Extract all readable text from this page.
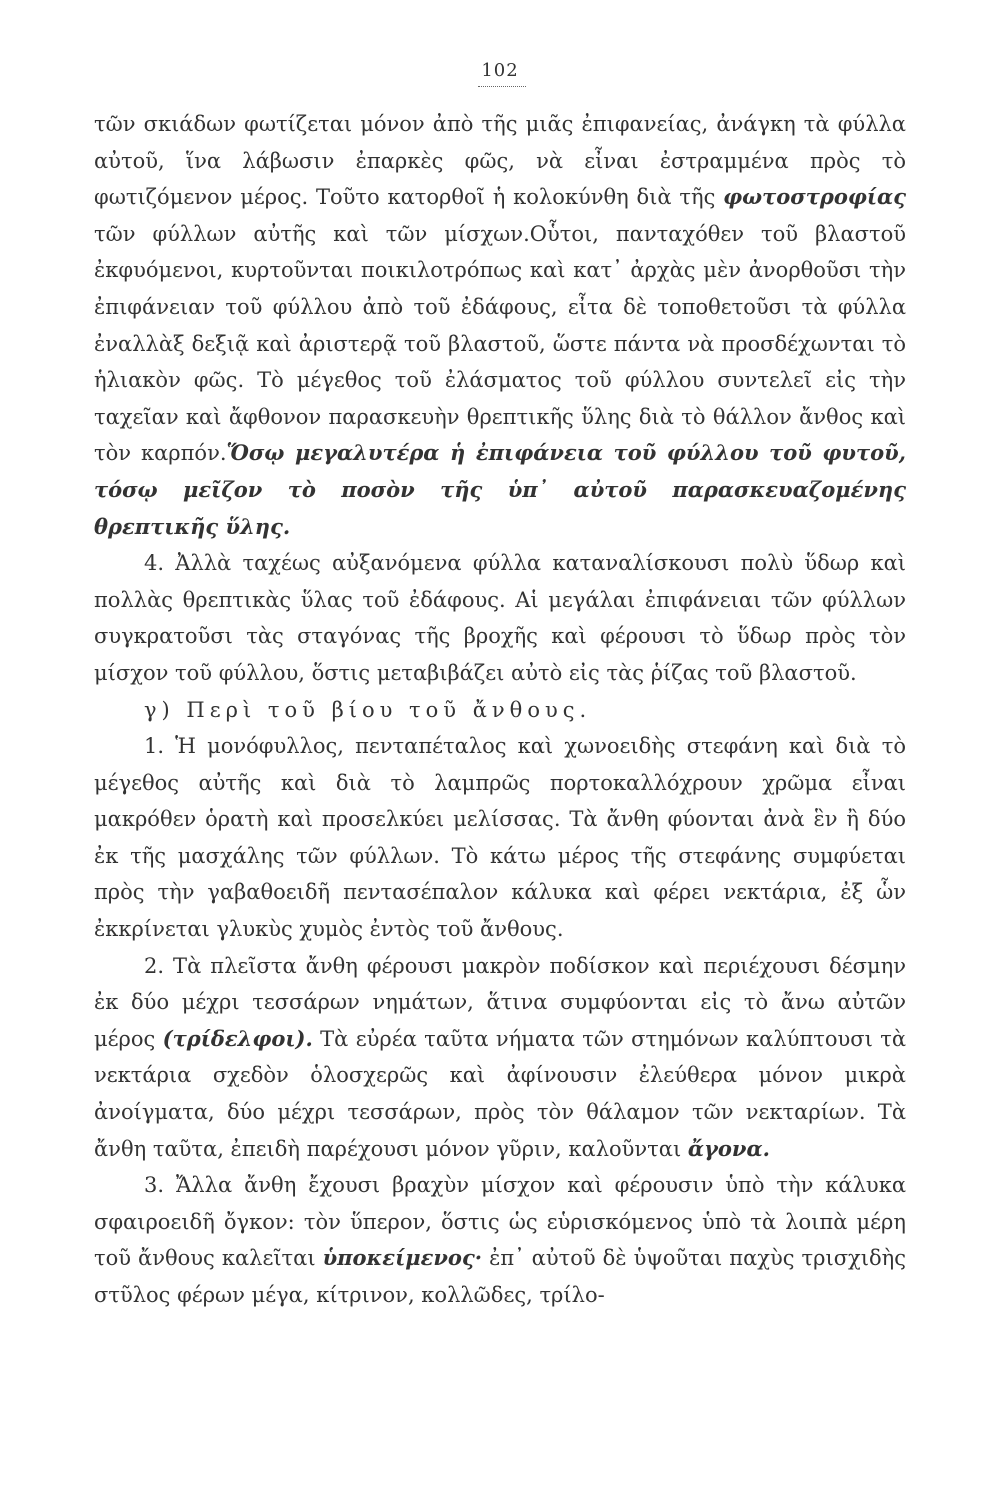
102

τῶν σκιάδων φωτίζεται μόνον ἀπὸ τῆς μιᾶς ἐπιφανείας, ἀνάγκη τὰ φύλλα αὐτοῦ, ἵνα λάβωσιν ἐπαρκὲς φῶς, νὰ εἶναι ἐστραμμένα πρὸς τὸ φωτιζόμενον μέρος. Τοῦτο κατορθοῖ ἡ κολοκύνθη διὰ τῆς φωτοστροφίας τῶν φύλλων αὐτῆς καὶ τῶν μίσχων.Οὗτοι, πανταχόθεν τοῦ βλαστοῦ ἐκφυόμενοι, κυρτοῦνται ποικιλοτρόπως καὶ κατ᾽ ἀρχὰς μὲν ἀνορθοῦσι τὴν ἐπιφάνειαν τοῦ φύλλου ἀπὸ τοῦ ἐδάφους, εἶτα δὲ τοποθετοῦσι τὰ φύλλα ἐναλλὰξ δεξιᾷ καὶ ἀριστερᾷ τοῦ βλαστοῦ, ὥστε πάντα νὰ προσδέχωνται τὸ ἡλιακὸν φῶς. Τὸ μέγεθος τοῦ ἐλάσματος τοῦ φύλλου συντελεῖ εἰς τὴν ταχεῖαν καὶ ἄφθονον παρασκευὴν θρεπτικῆς ὕλης διὰ τὸ θάλλον ἄνθος καὶ τὸν καρπόν.Ὅσῳ μεγαλυτέρα ἡ ἐπιφάνεια τοῦ φύλλου τοῦ φυτοῦ, τόσῳ μεῖζον τὸ ποσὸν τῆς ὑπ᾽ αὐτοῦ παρασκευαζομένης θρεπτικῆς ὕλης.

4. Ἀλλὰ ταχέως αὐξανόμενα φύλλα καταναλίσκουσι πολὺ ὕδωρ καὶ πολλὰς θρεπτικὰς ὕλας τοῦ ἐδάφους. Αἱ μεγάλαι ἐπιφάνειαι τῶν φύλλων συγκρατοῦσι τὰς σταγόνας τῆς βροχῆς καὶ φέρουσι τὸ ὕδωρ πρὸς τὸν μίσχον τοῦ φύλλου, ὅστις μεταβιβάζει αὐτὸ εἰς τὰς ῥίζας τοῦ βλαστοῦ.

γ) Περὶ τοῦ βίου τοῦ ἄνθους.

1. Ἡ μονόφυλλος, πενταπέταλος καὶ χωνοειδὴς στεφάνη καὶ διὰ τὸ μέγεθος αὐτῆς καὶ διὰ τὸ λαμπρῶς πορτοκαλλόχρουν χρῶμα εἶναι μακρόθεν ὁρατὴ καὶ προσελκύει μελίσσας. Τὰ ἄνθη φύονται ἀνὰ ἓν ἢ δύο ἐκ τῆς μασχάλης τῶν φύλλων. Τὸ κάτω μέρος τῆς στεφάνης συμφύεται πρὸς τὴν γαβαθοειδῆ πεντασέπαλον κάλυκα καὶ φέρει νεκτάρια, ἐξ ὧν ἐκκρίνεται γλυκὺς χυμὸς ἐντὸς τοῦ ἄνθους.

2. Τὰ πλεῖστα ἄνθη φέρουσι μακρὸν ποδίσκον καὶ περιέχουσι δέσμην ἐκ δύο μέχρι τεσσάρων νημάτων, ἅτινα συμφύονται εἰς τὸ ἄνω αὐτῶν μέρος (τρίδελφοι). Τὰ εὐρέα ταῦτα νήματα τῶν στημόνων καλύπτουσι τὰ νεκτάρια σχεδὸν ὁλοσχερῶς καὶ ἀφίνουσιν ἐλεύθερα μόνον μικρὰ ἀνοίγματα, δύο μέχρι τεσσάρων, πρὸς τὸν θάλαμον τῶν νεκταρίων. Τὰ ἄνθη ταῦτα, ἐπειδὴ παρέχουσι μόνον γῦριν, καλοῦνται ἄγονα.

3. Ἄλλα ἄνθη ἔχουσι βραχὺν μίσχον καὶ φέρουσιν ὑπὸ τὴν κάλυκα σφαιροειδῆ ὄγκον: τὸν ὕπερον, ὅστις ὡς εὑρισκόμενος ὑπὸ τὰ λοιπὰ μέρη τοῦ ἄνθους καλεῖται ὑποκείμενος· ἐπ᾽ αὐτοῦ δὲ ὑψοῦται παχὺς τρισχιδὴς στῦλος φέρων μέγα, κίτρινον, κολλῶδες, τρίλο-
